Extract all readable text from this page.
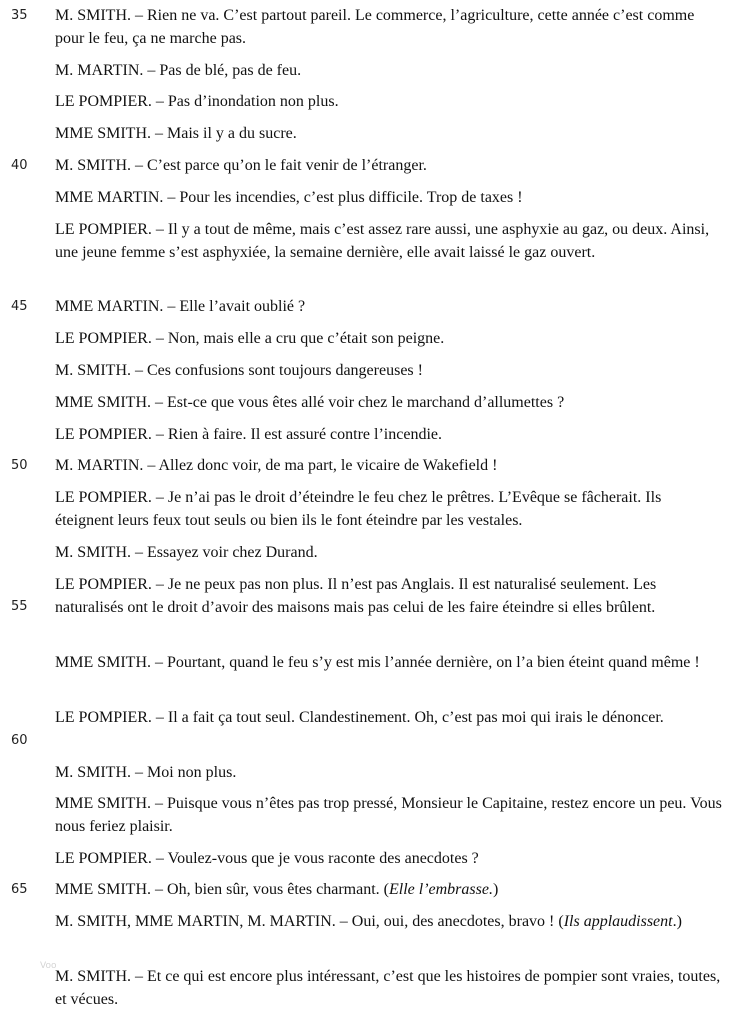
35
40
45
50
55
60
65

M. SMITH. – Rien ne va. C’est partout pareil. Le commerce, l’agriculture, cette année c’est comme pour le feu, ça ne marche pas.

M. MARTIN. – Pas de blé, pas de feu.

LE POMPIER. – Pas d’inondation non plus.

MME SMITH. – Mais il y a du sucre.

M. SMITH. – C’est parce qu’on le fait venir de l’étranger.

MME MARTIN. – Pour les incendies, c’est plus difficile. Trop de taxes !

LE POMPIER. – Il y a tout de même, mais c’est assez rare aussi, une asphyxie au gaz, ou deux. Ainsi, une jeune femme s’est asphyxiée, la semaine dernière, elle avait laissé le gaz ouvert.

MME MARTIN. – Elle l’avait oublié ?

LE POMPIER. – Non, mais elle a cru que c’était son peigne.

M. SMITH. – Ces confusions sont toujours dangereuses !

MME SMITH. – Est-ce que vous êtes allé voir chez le marchand d’allumettes ?

LE POMPIER. – Rien à faire. Il est assuré contre l’incendie.

M. MARTIN. – Allez donc voir, de ma part, le vicaire de Wakefield !

LE POMPIER. – Je n’ai pas le droit d’éteindre le feu chez le prêtres. L’Evêque se fâcherait. Ils éteignent leurs feux tout seuls ou bien ils le font éteindre par les vestales.

M. SMITH. – Essayez voir chez Durand.

LE POMPIER. – Je ne peux pas non plus. Il n’est pas Anglais. Il est naturalisé seulement. Les naturalisés ont le droit d’avoir des maisons mais pas celui de les faire éteindre si elles brûlent.

MME SMITH. – Pourtant, quand le feu s’y est mis l’année dernière, on l’a bien éteint quand même !

LE POMPIER. – Il a fait ça tout seul. Clandestinement. Oh, c’est pas moi qui irais le dénoncer.

M. SMITH. – Moi non plus.

MME SMITH. – Puisque vous n’êtes pas trop pressé, Monsieur le Capitaine, restez encore un peu. Vous nous feriez plaisir.

LE POMPIER. – Voulez-vous que je vous raconte des anecdotes ?

MME SMITH. – Oh, bien sûr, vous êtes charmant. (Elle l’embrasse.)

M. SMITH, MME MARTIN, M. MARTIN. – Oui, oui, des anecdotes, bravo ! (Ils applaudissent.)

M. SMITH. – Et ce qui est encore plus intéressant, c’est que les histoires de pompier sont vraies, toutes, et vécues.

Voo
